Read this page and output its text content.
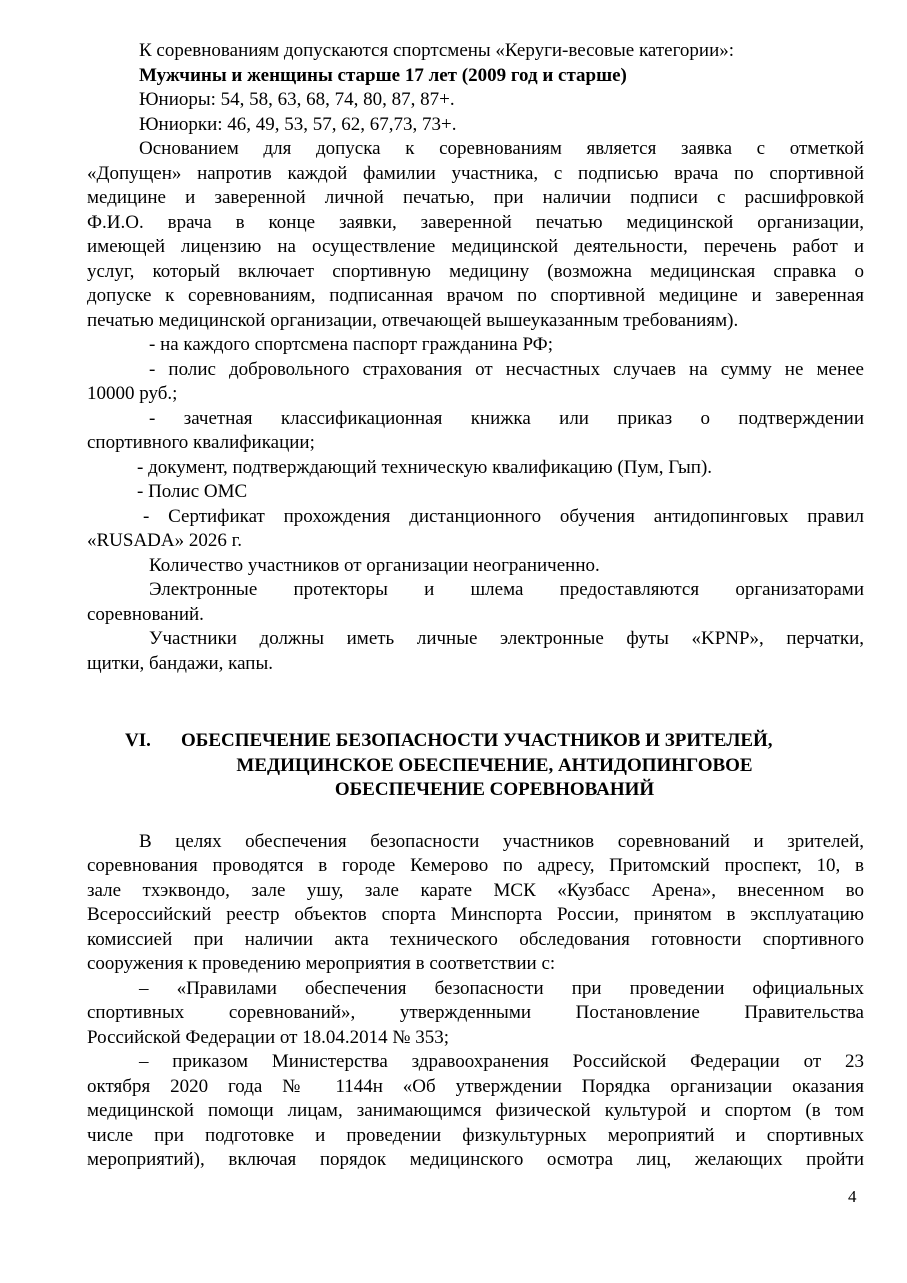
К соревнованиям допускаются спортсмены «Керуги-весовые категории»:
Мужчины и женщины старше 17 лет (2009 год и старше)
Юниоры: 54, 58, 63, 68, 74, 80, 87, 87+.
Юниорки: 46, 49, 53, 57, 62, 67,73, 73+.
Основанием для допуска к соревнованиям является заявка с отметкой
«Допущен» напротив каждой фамилии участника, с подписью врача по спортивной
медицине и заверенной личной печатью, при наличии подписи с расшифровкой
Ф.И.О. врача в конце заявки, заверенной печатью медицинской организации,
имеющей лицензию на осуществление медицинской деятельности, перечень работ и
услуг, который включает спортивную медицину (возможна медицинская справка о
допуске к соревнованиям, подписанная врачом по спортивной медицине и заверенная
печатью медицинской организации, отвечающей вышеуказанным требованиям).
- на каждого спортсмена паспорт гражданина РФ;
- полис добровольного страхования от несчастных случаев на сумму не менее
10000 руб.;
- зачетная классификационная книжка или приказ о подтверждении
спортивного квалификации;
- документ, подтверждающий техническую квалификацию (Пум, Гып).
- Полис ОМС
- Сертификат прохождения дистанционного обучения антидопинговых правил
«RUSADA» 2026 г.
Количество участников от организации неограниченно.
Электронные протекторы и шлема предоставляются организаторами
соревнований.
Участники должны иметь личные электронные футы «KPNP», перчатки,
щитки, бандажи, капы.
VI. ОБЕСПЕЧЕНИЕ БЕЗОПАСНОСТИ УЧАСТНИКОВ И ЗРИТЕЛЕЙ,
МЕДИЦИНСКОЕ ОБЕСПЕЧЕНИЕ, АНТИДОПИНГОВОЕ
ОБЕСПЕЧЕНИЕ СОРЕВНОВАНИЙ
В целях обеспечения безопасности участников соревнований и зрителей,
соревнования проводятся в городе Кемерово по адресу, Притомский проспект, 10, в
зале тхэквондо, зале ушу, зале карате МСК «Кузбасс Арена», внесенном во
Всероссийский реестр объектов спорта Минспорта России, принятом в эксплуатацию
комиссией при наличии акта технического обследования готовности спортивного
сооружения к проведению мероприятия в соответствии с:
– «Правилами обеспечения безопасности при проведении официальных
спортивных соревнований», утвержденными Постановление Правительства
Российской Федерации от 18.04.2014 № 353;
– приказом Министерства здравоохранения Российской Федерации от 23
октября 2020 года № 1144н «Об утверждении Порядка организации оказания
медицинской помощи лицам, занимающимся физической культурой и спортом (в том
числе при подготовке и проведении физкультурных мероприятий и спортивных
мероприятий), включая порядок медицинского осмотра лиц, желающих пройти
4
